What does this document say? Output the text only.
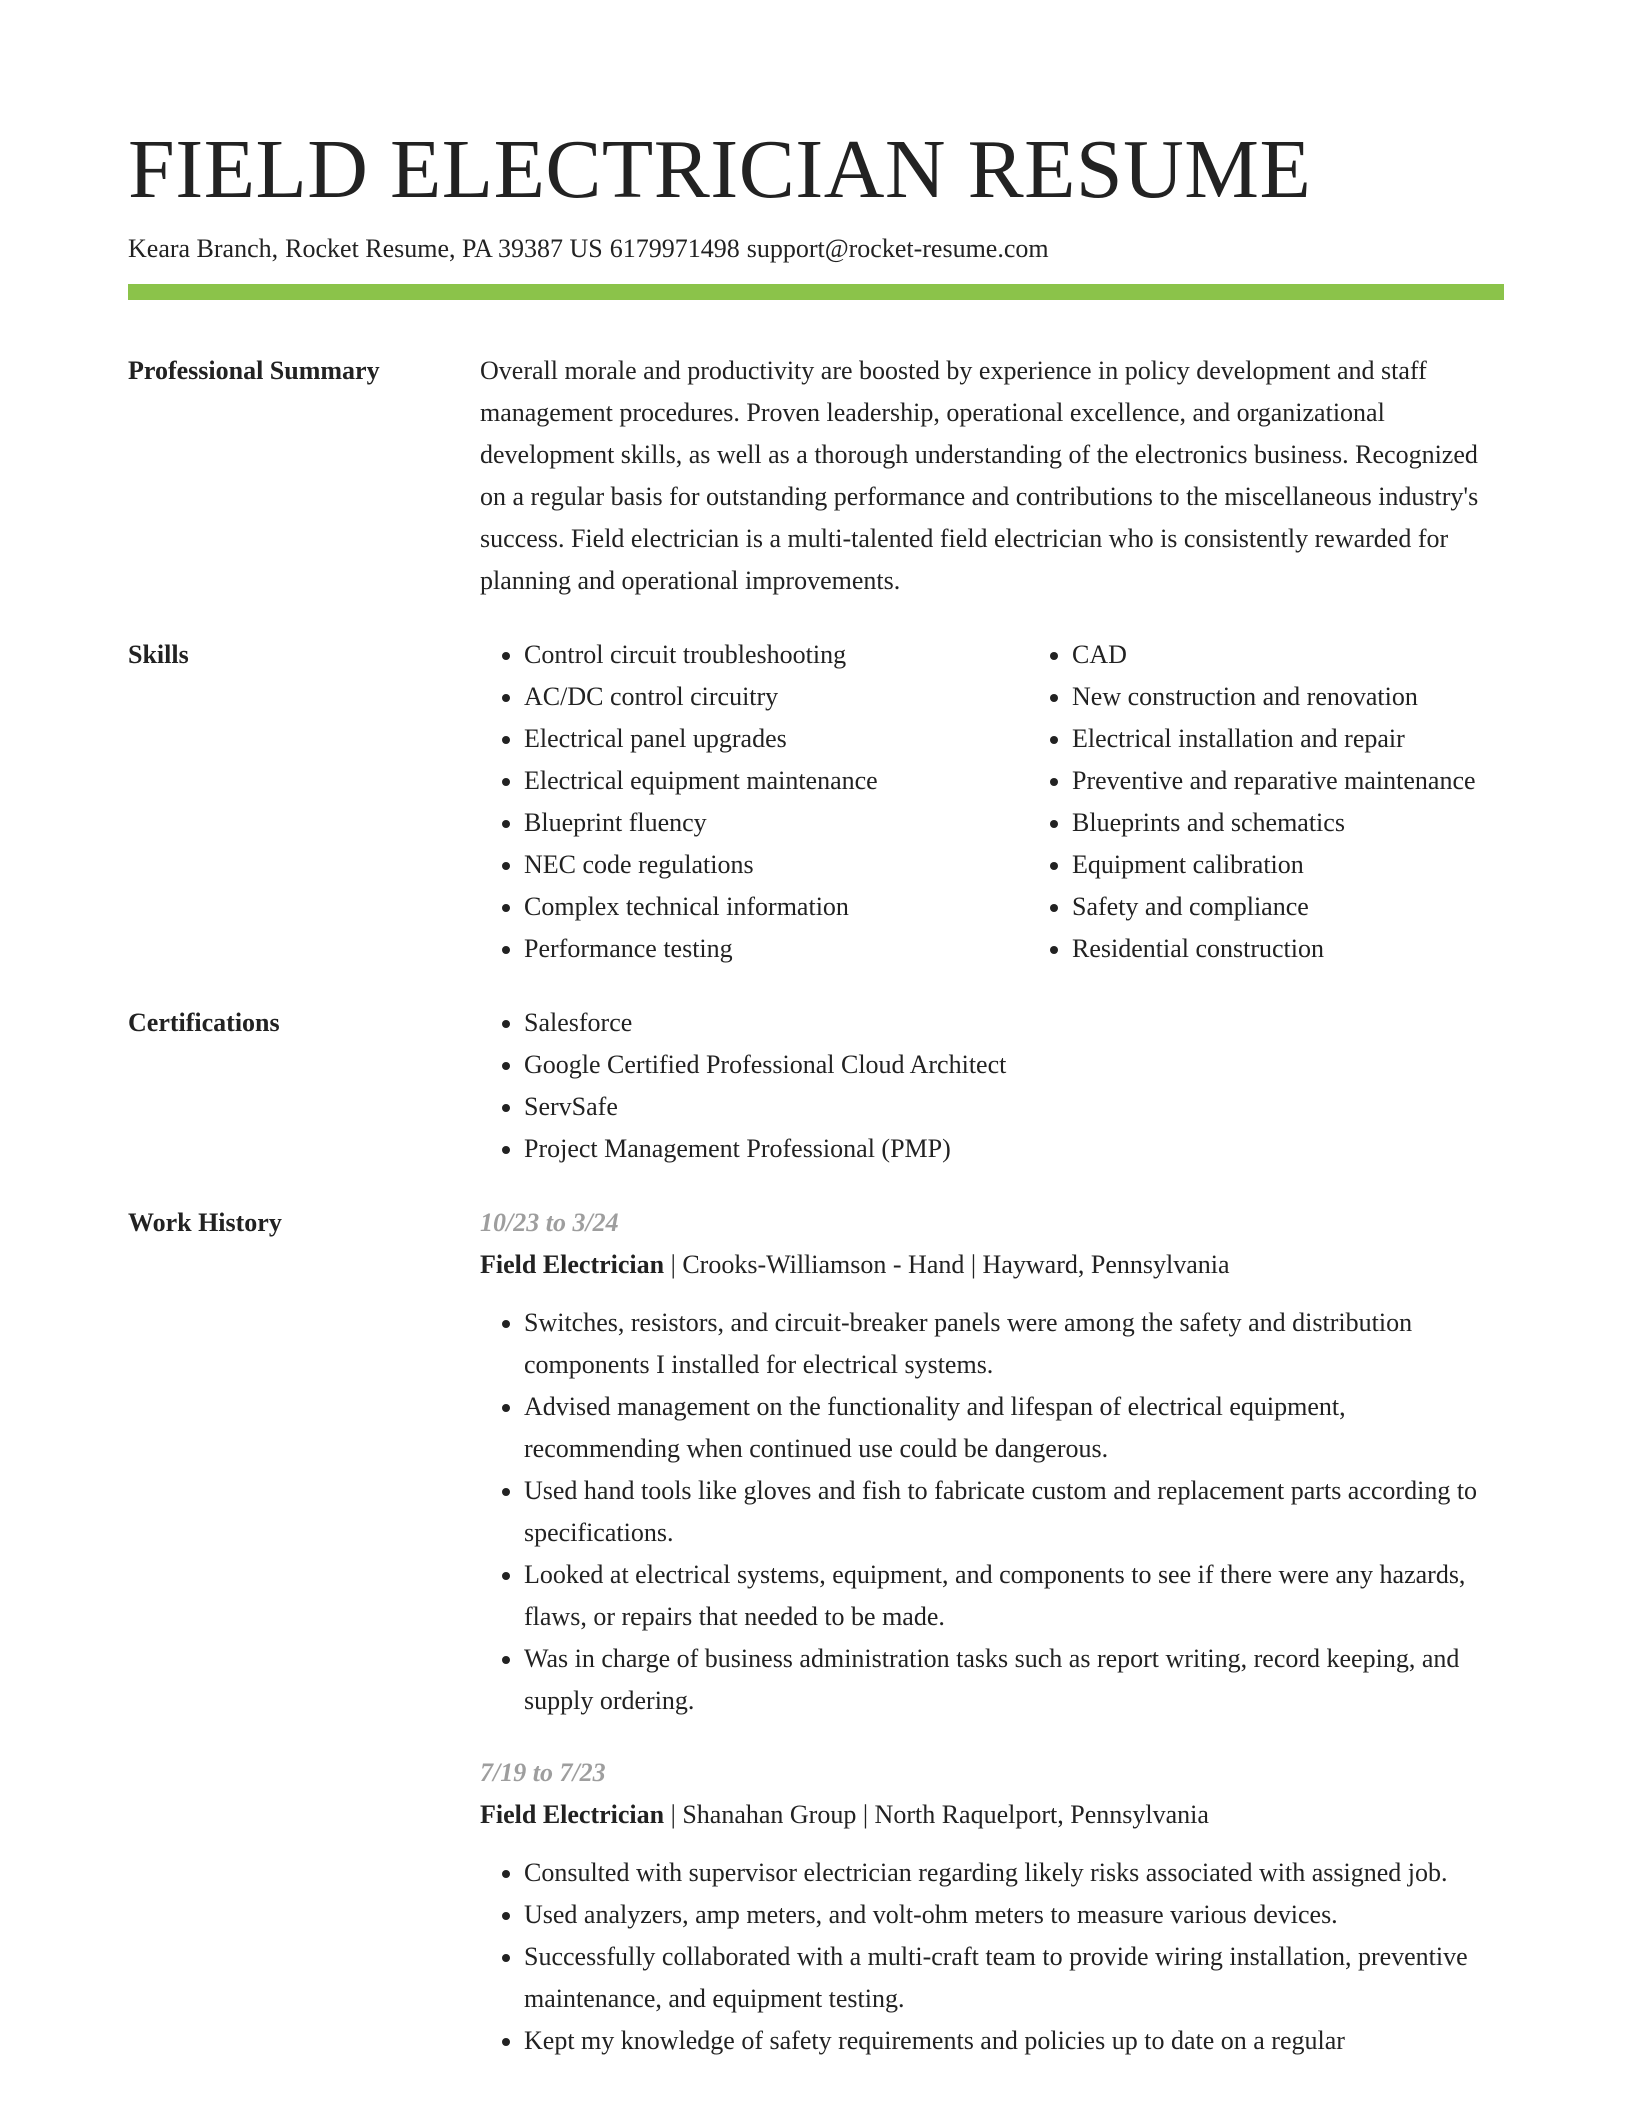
FIELD ELECTRICIAN RESUME
Keara Branch, Rocket Resume, PA 39387 US 6179971498 support@rocket-resume.com
Professional Summary	Overall morale and productivity are boosted by experience in policy development and staff management procedures. Proven leadership, operational excellence, and organizational development skills, as well as a thorough understanding of the electronics business. Recognized on a regular basis for outstanding performance and contributions to the miscellaneous industry's success. Field electrician is a multi-talented field electrician who is consistently rewarded for planning and operational improvements.

Skills	• Control circuit troubleshooting
• AC/DC control circuitry
• Electrical panel upgrades
• Electrical equipment maintenance
• Blueprint fluency
• NEC code regulations
• Complex technical information
• Performance testing
• CAD
• New construction and renovation
• Electrical installation and repair
• Preventive and reparative maintenance
• Blueprints and schematics
• Equipment calibration
• Safety and compliance
• Residential construction
Certifications	• Salesforce
• Google Certified Professional Cloud Architect
• ServSafe
• Project Management Professional (PMP)
Work History	10/23 to 3/24
Field Electrician | Crooks-Williamson - Hand | Hayward, Pennsylvania
• Switches, resistors, and circuit-breaker panels were among the safety and distribution components I installed for electrical systems.
• Advised management on the functionality and lifespan of electrical equipment, recommending when continued use could be dangerous.
• Used hand tools like gloves and fish to fabricate custom and replacement parts according to specifications.
• Looked at electrical systems, equipment, and components to see if there were any hazards, flaws, or repairs that needed to be made.
• Was in charge of business administration tasks such as report writing, record keeping, and supply ordering.
7/19 to 7/23
Field Electrician | Shanahan Group | North Raquelport, Pennsylvania
• Consulted with supervisor electrician regarding likely risks associated with assigned job.
• Used analyzers, amp meters, and volt-ohm meters to measure various devices.
• Successfully collaborated with a multi-craft team to provide wiring installation, preventive maintenance, and equipment testing.
• Kept my knowledge of safety requirements and policies up to date on a regular
